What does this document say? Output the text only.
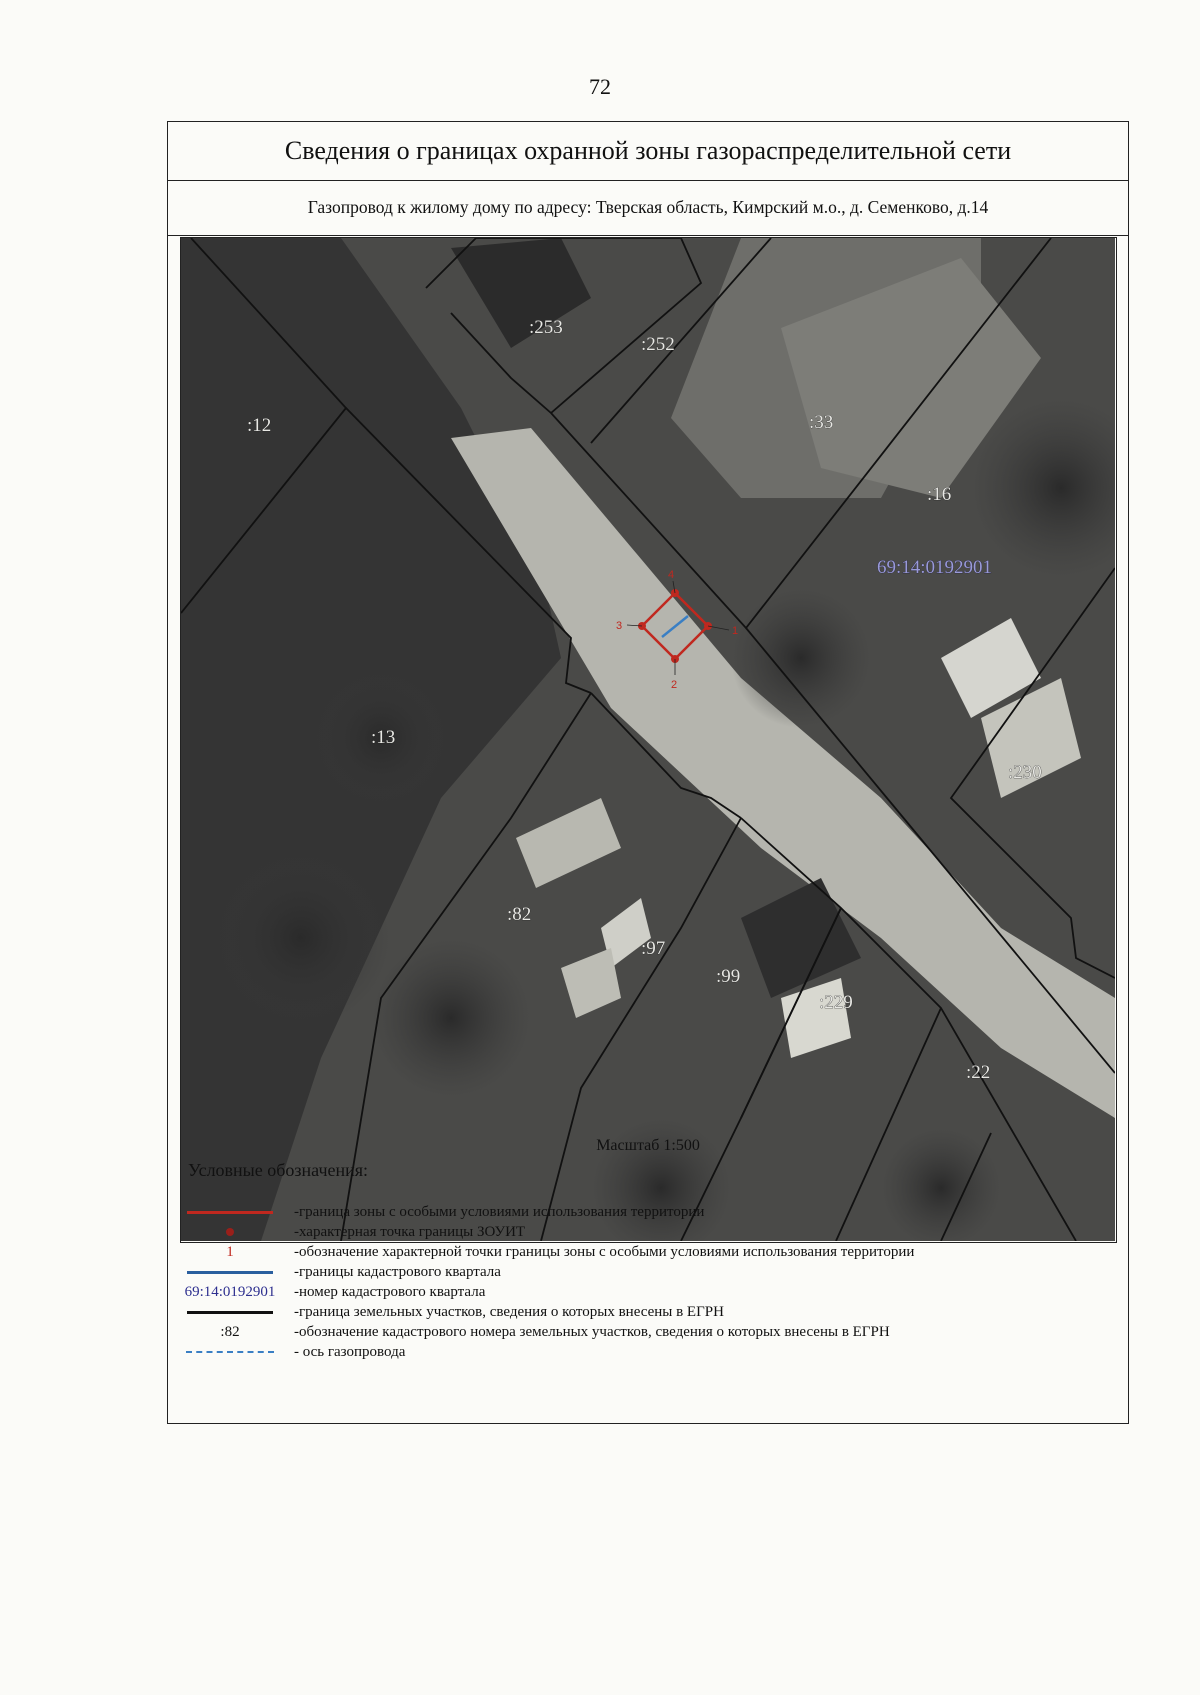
72
Сведения о границах охранной зоны газораспределительной сети
Газопровод к жилому дому по адресу: Тверская область, Кимрский м.о., д. Семенково, д.14
:253
:252
:12	:33
:16
:13
:230
:82
:97
:99
:229
:22
69:14:0192901
1
2
3
4
Масштаб 1:500
Условные обозначения:
-граница зоны с особыми условиями использования территории
-характерная точка границы ЗОУИТ
1	-обозначение характерной точки границы зоны с особыми условиями использования территории
-границы кадастрового квартала
69:14:0192901 -номер кадастрового квартала
-граница земельных участков, сведения о которых внесены в ЕГРН
:82	-обозначение кадастрового номера земельных участков, сведения о которых внесены в ЕГРН
- ось газопровода
